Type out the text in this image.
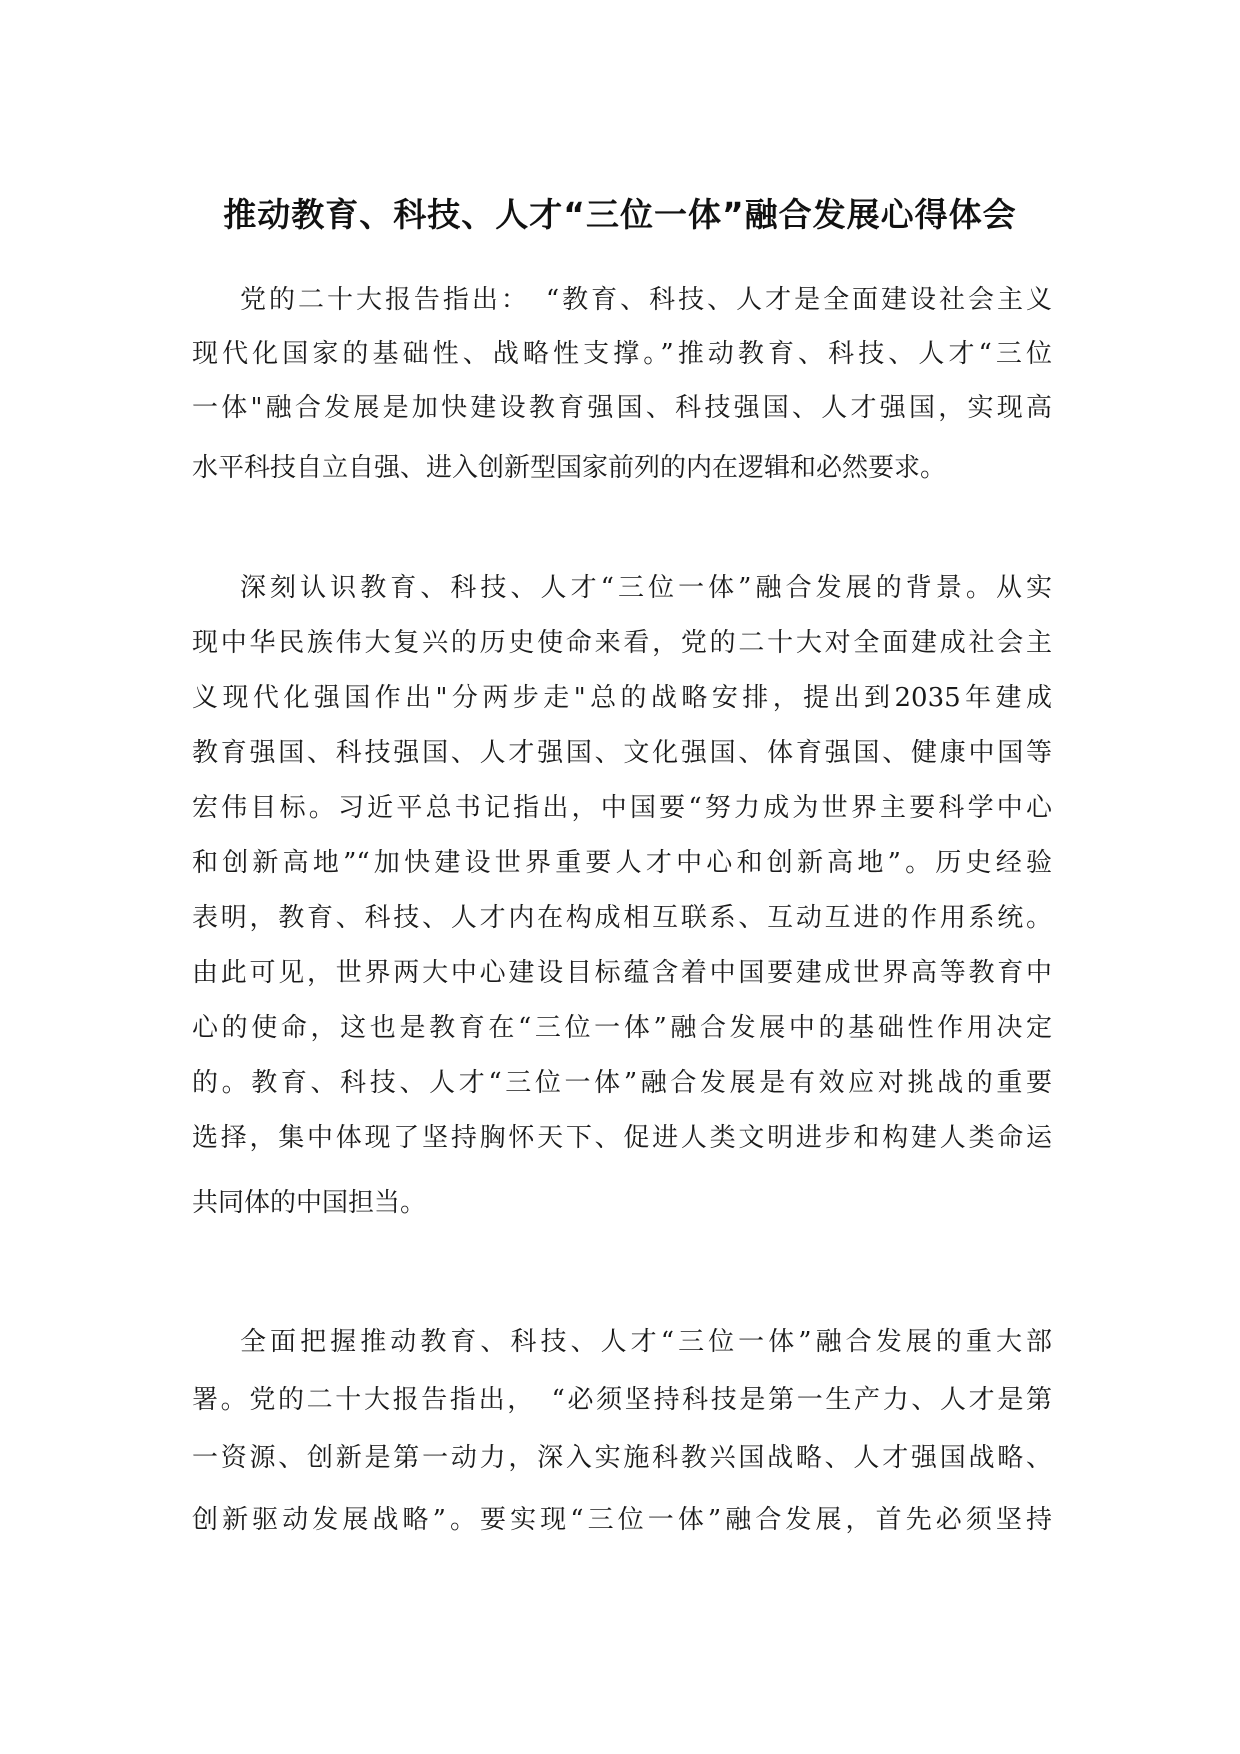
推动教育、科技、人才“三位一体”融合发展心得体会
党的二十大报告指出：　“教育、科技、人才是全面建设社会主义
现代化国家的基础性、战略性支撑。”推动教育、科技、人才“三位
一体"融合发展是加快建设教育强国、科技强国、人才强国，实现高
水平科技自立自强、进入创新型国家前列的内在逻辑和必然要求。
深刻认识教育、科技、人才“三位一体”融合发展的背景。从实
现中华民族伟大复兴的历史使命来看，党的二十大对全面建成社会主
义现代化强国作出"分两步走"总的战略安排，提出到2035年建成
教育强国、科技强国、人才强国、文化强国、体育强国、健康中国等
宏伟目标。习近平总书记指出，中国要“努力成为世界主要科学中心
和创新高地”“加快建设世界重要人才中心和创新高地”。历史经验
表明，教育、科技、人才内在构成相互联系、互动互进的作用系统。
由此可见，世界两大中心建设目标蕴含着中国要建成世界高等教育中
心的使命，这也是教育在“三位一体”融合发展中的基础性作用决定
的。教育、科技、人才“三位一体”融合发展是有效应对挑战的重要
选择，集中体现了坚持胸怀天下、促进人类文明进步和构建人类命运
共同体的中国担当。
全面把握推动教育、科技、人才“三位一体”融合发展的重大部
署。党的二十大报告指出，　“必须坚持科技是第一生产力、人才是第
一资源、创新是第一动力，深入实施科教兴国战略、人才强国战略、
创新驱动发展战略”。要实现“三位一体”融合发展，首先必须坚持
